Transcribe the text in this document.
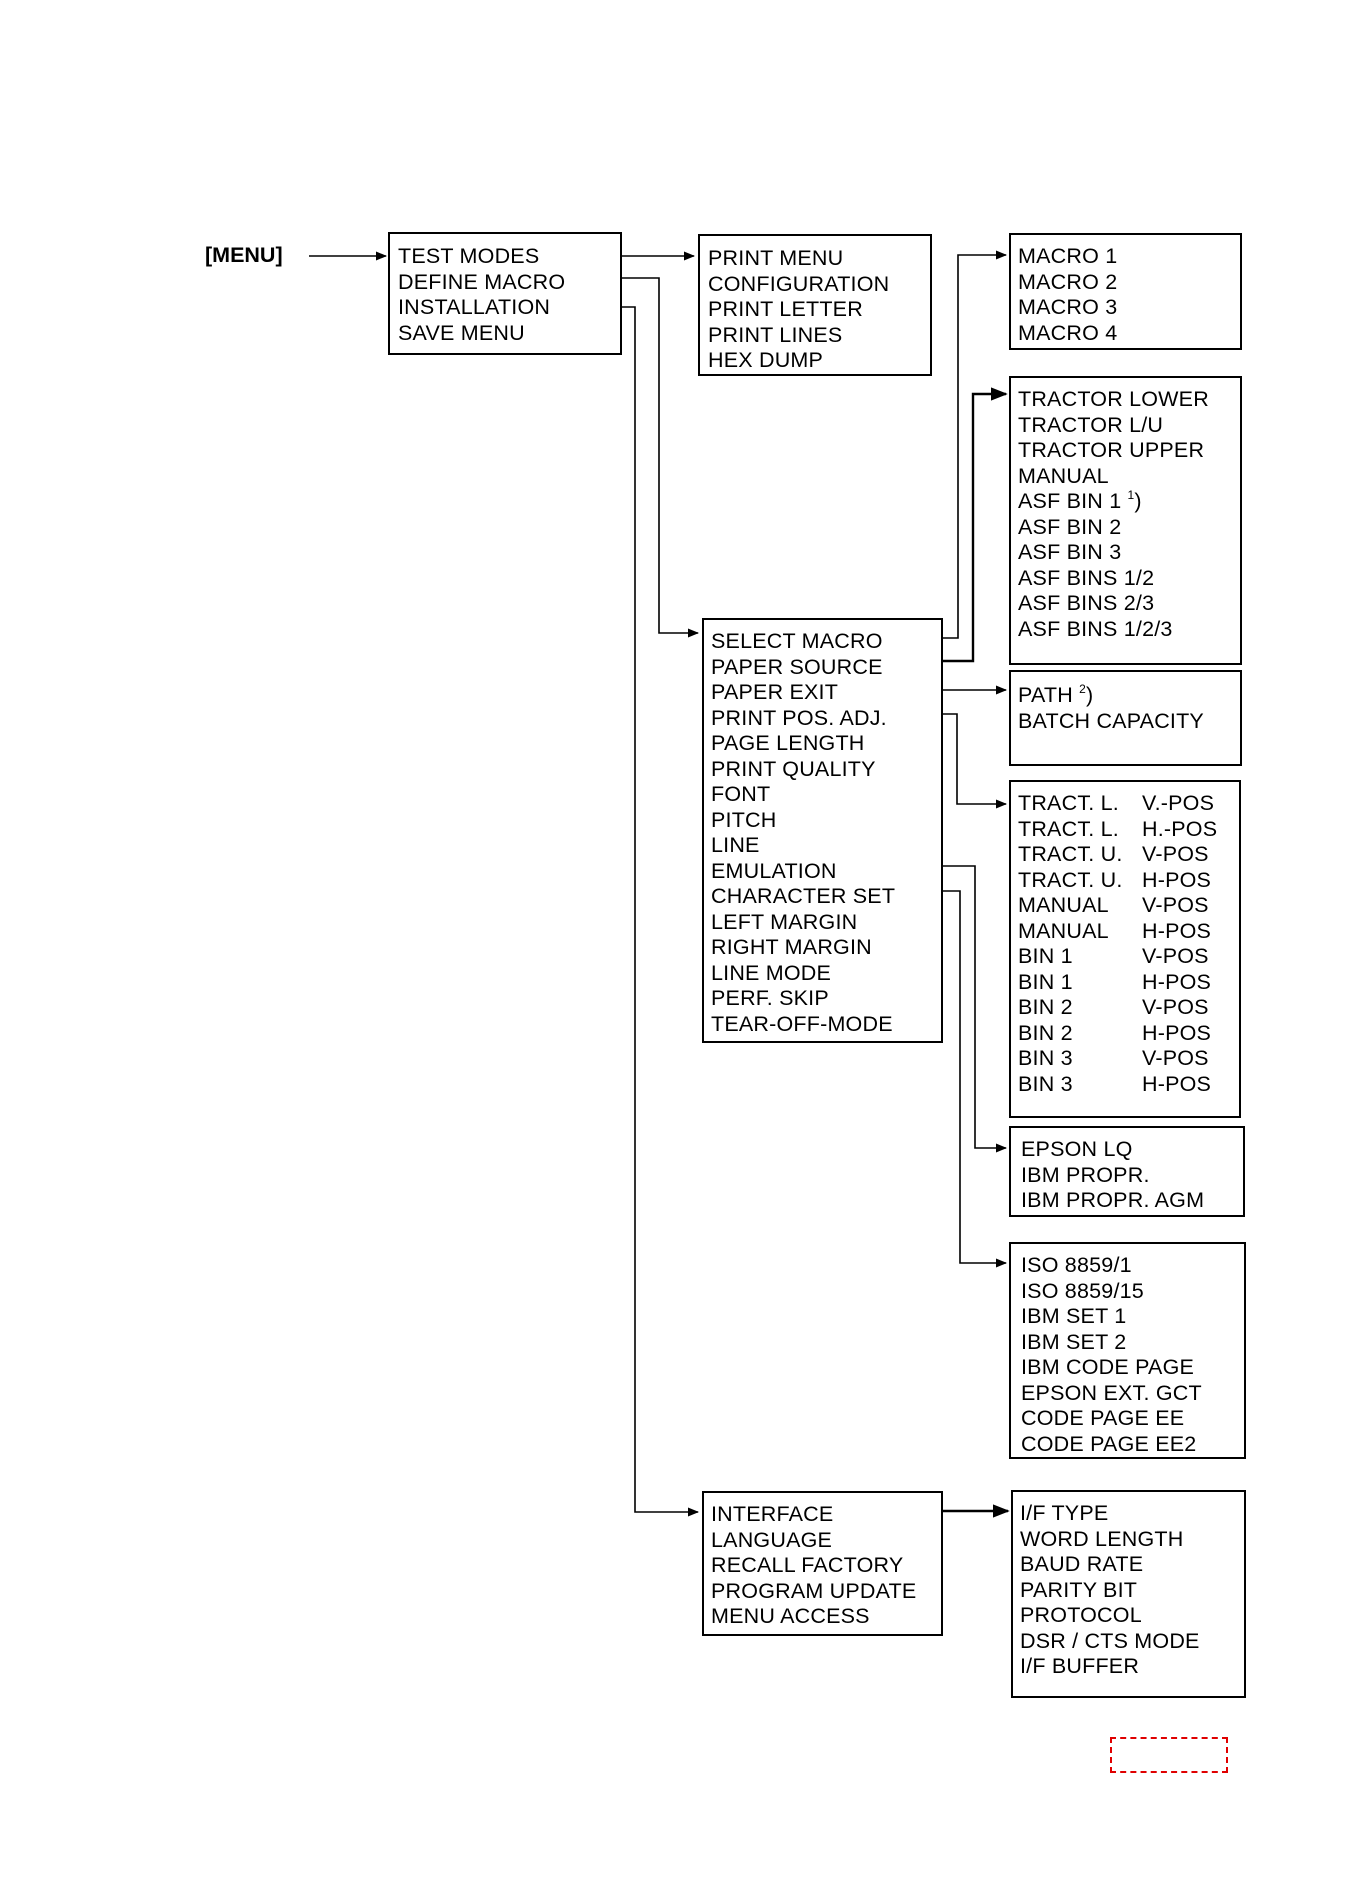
[MENU]	TEST MODES
DEFINE MACRO
INSTALLATION
SAVE MENU
PRINT MENU
CONFIGURATION
PRINT LETTER
PRINT LINES
HEX DUMP
MACRO 1
MACRO 2
MACRO 3
MACRO 4
TRACTOR LOWER
TRACTOR L/U
TRACTOR UPPER
MANUAL
ASF BIN 1 $^1$)
ASF BIN 2
ASF BIN 3
ASF BINS 1/2
ASF BINS 2/3
ASF BINS 1/2/3
SELECT MACRO
PAPER SOURCE
PAPER EXIT
PRINT POS. ADJ.
PAGE LENGTH
PRINT QUALITY
FONT
PITCH
LINE
EMULATION
CHARACTER SET
LEFT MARGIN
RIGHT MARGIN
LINE MODE
PERF. SKIP
TEAR-OFF-MODE
PATH $^2$)
BATCH CAPACITY
TRACT. L. V.-POS
TRACT. L. H.-POS
TRACT. U. V-POS
TRACT. U. H-POS
MANUAL V-POS
MANUAL H-POS
BIN 1	V-POS
BIN 1	H-POS
BIN 2	V-POS
BIN 2	H-POS
BIN 3	V-POS
BIN 3	H-POS
EPSON LQ
IBM PROPR.
IBM PROPR. AGM
ISO 8859/1
ISO 8859/15
IBM SET 1
IBM SET 2
IBM CODE PAGE
EPSON EXT. GCT
CODE PAGE EE
CODE PAGE EE2
INTERFACE
LANGUAGE
RECALL FACTORY
PROGRAM UPDATE
MENU ACCESS
I/F TYPE
WORD LENGTH
BAUD RATE
PARITY BIT
PROTOCOL
DSR / CTS MODE
I/F BUFFER
